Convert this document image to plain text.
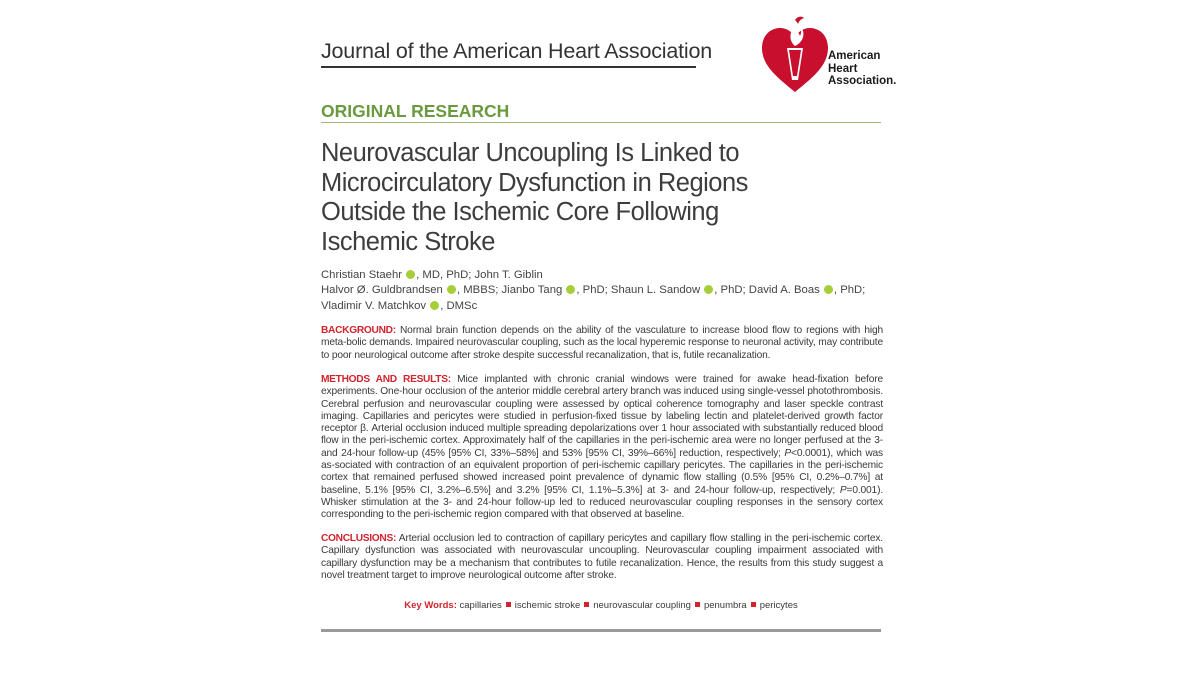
Journal of the American Heart Association	American
Heart
Association.
ORIGINAL RESEARCH
Neurovascular Uncoupling Is Linked to
Microcirculatory Dysfunction in Regions
Outside the Ischemic Core Following
Ischemic Stroke
Christian Staehr , MD, PhD; John T. Giblin
Halvor Ø. Guldbrandsen , MBBS; Jianbo Tang , PhD; Shaun L. Sandow , PhD; David A. Boas , PhD;
Vladimir V. Matchkov , DMSc

BACKGROUND: Normal brain function depends on the ability of the vasculature to increase blood flow to regions with high meta-bolic demands. Impaired neurovascular coupling, such as the local hyperemic response to neuronal activity, may contribute to poor neurological outcome after stroke despite successful recanalization, that is, futile recanalization.

METHODS AND RESULTS: Mice implanted with chronic cranial windows were trained for awake head-fixation before experiments. One-hour occlusion of the anterior middle cerebral artery branch was induced using single-vessel photothrombosis. Cerebral perfusion and neurovascular coupling were assessed by optical coherence tomography and laser speckle contrast imaging. Capillaries and pericytes were studied in perfusion-fixed tissue by labeling lectin and platelet-derived growth factor receptor β. Arterial occlusion induced multiple spreading depolarizations over 1 hour associated with substantially reduced blood flow in the peri-ischemic cortex. Approximately half of the capillaries in the peri-ischemic area were no longer perfused at the 3- and 24-hour follow-up (45% [95% CI, 33%–58%] and 53% [95% CI, 39%–66%] reduction, respectively; P<0.0001), which was as-sociated with contraction of an equivalent proportion of peri-ischemic capillary pericytes. The capillaries in the peri-ischemic cortex that remained perfused showed increased point prevalence of dynamic flow stalling (0.5% [95% CI, 0.2%–0.7%] at baseline, 5.1% [95% CI, 3.2%–6.5%] and 3.2% [95% CI, 1.1%–5.3%] at 3- and 24-hour follow-up, respectively; P=0.001). Whisker stimulation at the 3- and 24-hour follow-up led to reduced neurovascular coupling responses in the sensory cortex corresponding to the peri-ischemic region compared with that observed at baseline.

CONCLUSIONS: Arterial occlusion led to contraction of capillary pericytes and capillary flow stalling in the peri-ischemic cortex. Capillary dysfunction was associated with neurovascular uncoupling. Neurovascular coupling impairment associated with capillary dysfunction may be a mechanism that contributes to futile recanalization. Hence, the results from this study suggest a novel treatment target to improve neurological outcome after stroke.

Key Words: capillaries ischemic stroke neurovascular coupling penumbra pericytes
